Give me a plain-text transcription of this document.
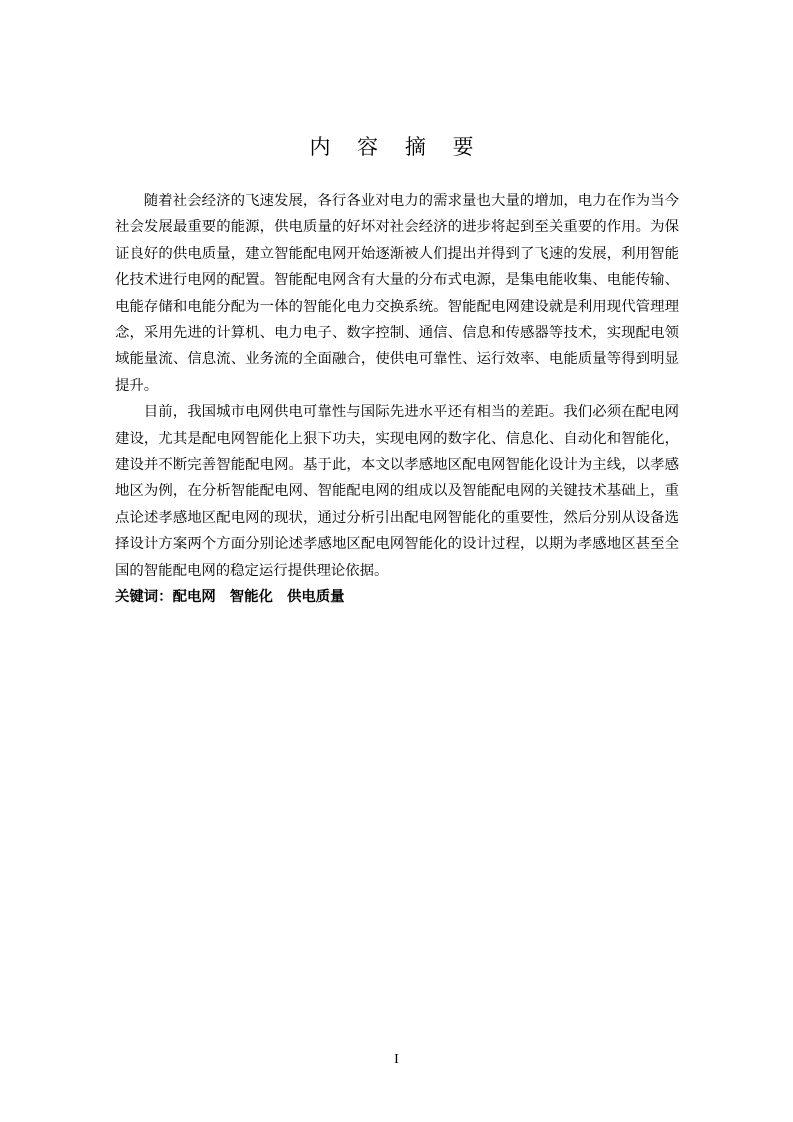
内 容 摘 要

随着社会经济的飞速发展，各行各业对电力的需求量也大量的增加，电力在作为当今社会发展最重要的能源，供电质量的好坏对社会经济的进步将起到至关重要的作用。为保证良好的供电质量，建立智能配电网开始逐渐被人们提出并得到了飞速的发展，利用智能化技术进行电网的配置。智能配电网含有大量的分布式电源，是集电能收集、电能传输、电能存储和电能分配为一体的智能化电力交换系统。智能配电网建设就是利用现代管理理念，采用先进的计算机、电力电子、数字控制、通信、信息和传感器等技术，实现配电领域能量流、信息流、业务流的全面融合，使供电可靠性、运行效率、电能质量等得到明显提升。

目前，我国城市电网供电可靠性与国际先进水平还有相当的差距。我们必须在配电网建设，尤其是配电网智能化上狠下功夫，实现电网的数字化、信息化、自动化和智能化，建设并不断完善智能配电网。基于此，本文以孝感地区配电网智能化设计为主线，以孝感地区为例，在分析智能配电网、智能配电网的组成以及智能配电网的关键技术基础上，重点论述孝感地区配电网的现状，通过分析引出配电网智能化的重要性，然后分别从设备选择设计方案两个方面分别论述孝感地区配电网智能化的设计过程，以期为孝感地区甚至全国的智能配电网的稳定运行提供理论依据。

关键词：配电网 智能化 供电质量

I
